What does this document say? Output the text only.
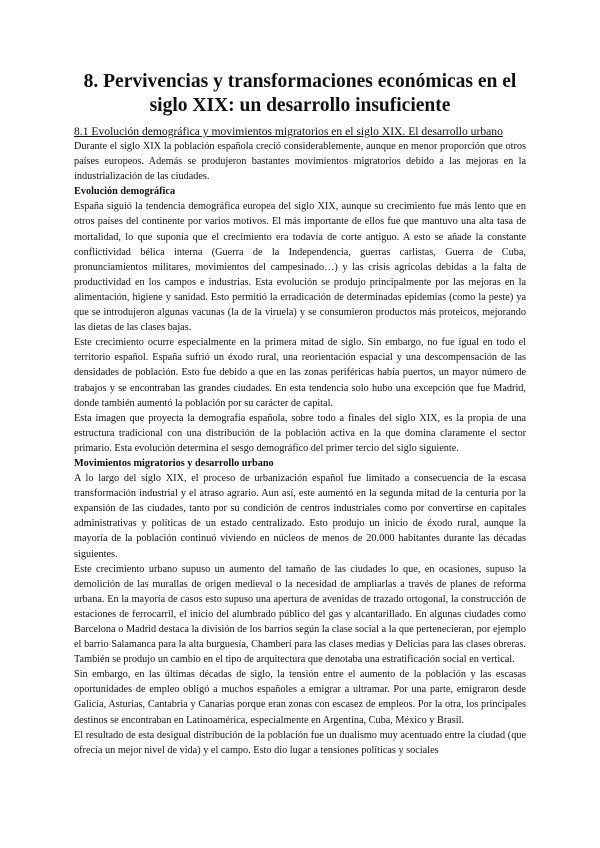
8. Pervivencias y transformaciones económicas en el siglo XIX: un desarrollo insuficiente

8.1 Evolución demográfica y movimientos migratorios en el siglo XIX. El desarrollo urbano

Durante el siglo XIX la población española creció considerablemente, aunque en menor proporción que otros países europeos. Además se produjeron bastantes movimientos migratorios debido a las mejoras en la industrialización de las ciudades.

Evolución demográfica

España siguió la tendencia demográfica europea del siglo XIX, aunque su crecimiento fue más lento que en otros países del continente por varios motivos. El más importante de ellos fue que mantuvo una alta tasa de mortalidad, lo que suponía que el crecimiento era todavía de corte antiguo. A esto se añade la constante conflictividad bélica interna (Guerra de la Independencia, guerras carlistas, Guerra de Cuba, pronunciamientos militares, movimientos del campesinado…) y las crisis agrícolas debidas a la falta de productividad en los campos e industrias. Esta evolución se produjo principalmente por las mejoras en la alimentación, higiene y sanidad. Esto permitió la erradicación de determinadas epidemias (como la peste) ya que se introdujeron algunas vacunas (la de la viruela) y se consumieron productos más proteicos, mejorando las dietas de las clases bajas.

Este crecimiento ocurre especialmente en la primera mitad de siglo. Sin embargo, no fue igual en todo el territorio español. España sufrió un éxodo rural, una reorientación espacial y una descompensación de las densidades de población. Esto fue debido a que en las zonas periféricas había puertos, un mayor número de trabajos y se encontraban las grandes ciudades. En esta tendencia solo hubo una excepción que fue Madrid, donde también aumentó la población por su carácter de capital.

Esta imagen que proyecta la demografía española, sobre todo a finales del siglo XIX, es la propia de una estructura tradicional con una distribución de la población activa en la que domina claramente el sector primario. Esta evolución determina el sesgo demográfico del primer tercio del siglo siguiente.

Movimientos migratorios y desarrollo urbano

A lo largo del siglo XIX, el proceso de urbanización español fue limitado a consecuencia de la escasa transformación industrial y el atraso agrario. Aun así, este aumentó en la segunda mitad de la centuria por la expansión de las ciudades, tanto por su condición de centros industriales como por convertirse en capitales administrativas y políticas de un estado centralizado. Esto produjo un inicio de éxodo rural, aunque la mayoría de la población continuó viviendo en núcleos de menos de 20.000 habitantes durante las décadas siguientes.

Este crecimiento urbano supuso un aumento del tamaño de las ciudades lo que, en ocasiones, supuso la demolición de las murallas de origen medieval o la necesidad de ampliarlas a través de planes de reforma urbana. En la mayoría de casos esto supuso una apertura de avenidas de trazado ortogonal, la construcción de estaciones de ferrocarril, el inicio del alumbrado público del gas y alcantarillado. En algunas ciudades como Barcelona o Madrid destaca la división de los barrios según la clase social a la que pertenecieran, por ejemplo el barrio Salamanca para la alta burguesía, Chamberí para las clases medias y Delicias para las clases obreras. También se produjo un cambio en el tipo de arquitectura que denotaba una estratificación social en vertical.

Sin embargo, en las últimas décadas de siglo, la tensión entre el aumento de la población y las escasas oportunidades de empleo obligó a muchos españoles a emigrar a ultramar. Por una parte, emigraron desde Galicia, Asturias, Cantabria y Canarias porque eran zonas con escasez de empleos. Por la otra, los principales destinos se encontraban en Latinoamérica, especialmente en Argentina, Cuba, México y Brasil.

El resultado de esta desigual distribución de la población fue un dualismo muy acentuado entre la ciudad (que ofrecía un mejor nivel de vida) y el campo. Esto dio lugar a tensiones políticas y sociales
